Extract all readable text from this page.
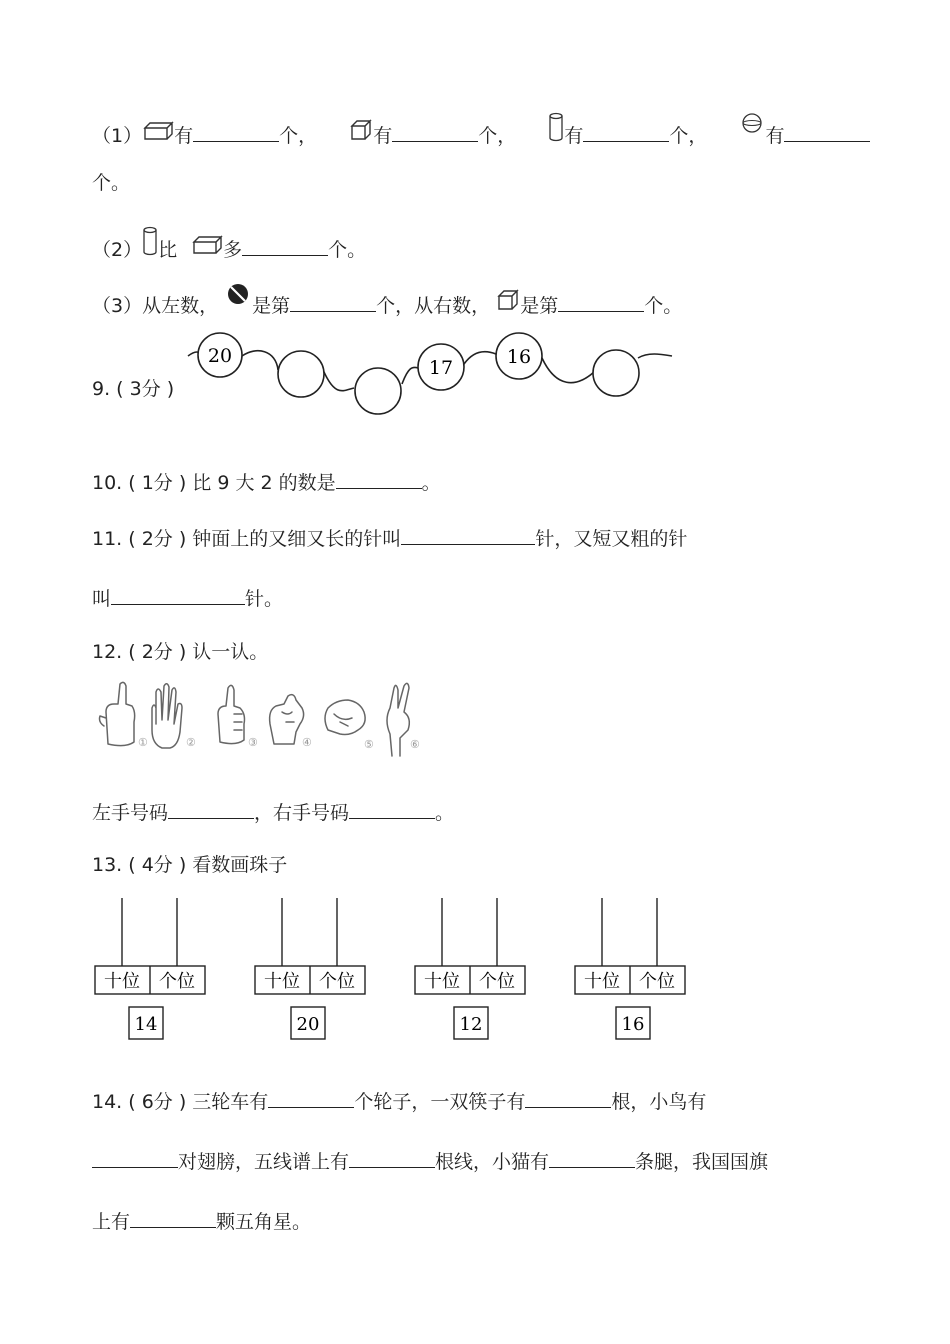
（1） 有	个，	有	个，	有	个，	有
个。
（2） 比 多	个。
（3）从左数， 是第	个，从右数， 是第	个。
9. ( 3分 )
20
17	16
10. ( 1分 ) 比 9 大 2 的数是	。
11. ( 2分 ) 钟面上的又细又长的针叫	针，又短又粗的针
叫	针。
12. ( 2分 ) 认一认。
①	②	③	④	⑤	⑥
左手号码	，右手号码	。
13. ( 4分 ) 看数画珠子
十位 个位
14
十位 个位
20
十位 个位
12
十位 个位
16
14. ( 6分 ) 三轮车有	个轮子，一双筷子有	根，小鸟有
对翅膀，五线谱上有	根线，小猫有	条腿，我国国旗
上有	颗五角星。
